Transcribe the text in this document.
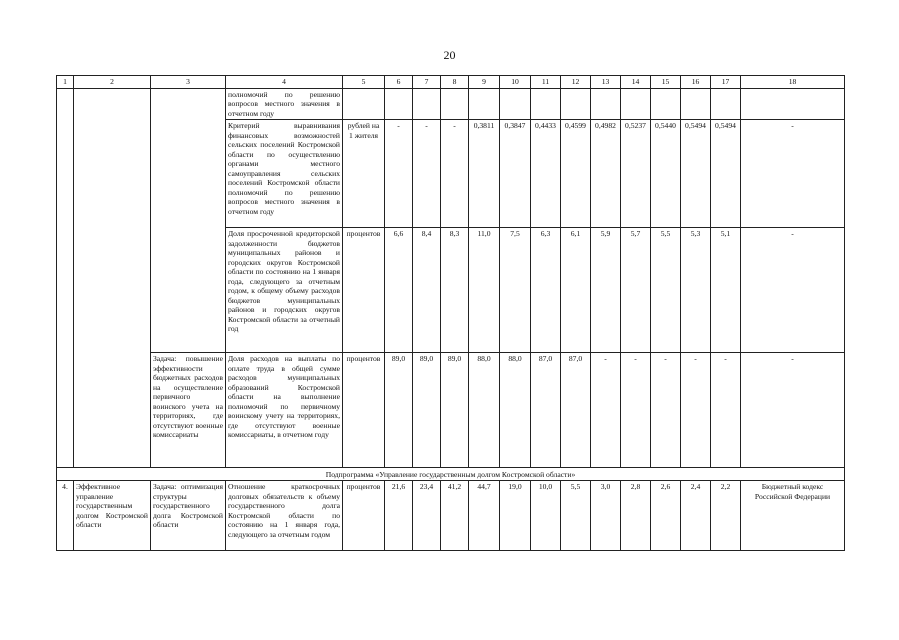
20
1	2	3	4	5	6	7	8	9	10	11	12	13	14	15	16	17	18
			полномочий по решению вопросов местного значения в отчетном году														
			Критерий выравнивания финансовых возможностей сельских поселений Костромской области по осуществлению органами местного самоуправления сельских поселений Костромской области полномочий по решению вопросов местного значения в отчетном году	рублей на 1 жителя	-	-	-	0,3811	0,3847	0,4433	0,4599	0,4982	0,5237	0,5440	0,5494	0,5494	-
			Доля просроченной кредиторской задолженности бюджетов муниципальных районов и городских округов Костромской области по состоянию на 1 января года, следующего за отчетным годом, к общему объему расходов бюджетов муниципальных районов и городских округов Костромской области за отчетный год	процентов	6,6	8,4	8,3	11,0	7,5	6,3	6,1	5,9	5,7	5,5	5,3	5,1	-
		Задача: повышение эффективности бюджетных расходов на осуществление первичного воинского учета на территориях, где отсутствуют военные комиссариаты	Доля расходов на выплаты по оплате труда в общей сумме расходов муниципальных образований Костромской области на выполнение полномочий по первичному воинскому учету на территориях, где отсутствуют военные комиссариаты, в отчетном году	процентов	89,0	89,0	89,0	88,0	88,0	87,0	87,0	-	-	-	-	-	-
Подпрограмма «Управление государственным долгом Костромской области»																	
4.	Эффективное управление государственным долгом Костромской области	Задача: оптимизация структуры государственного долга Костромской области	Отношение краткосрочных долговых обязательств к объему государственного долга Костромской области по состоянию на 1 января года, следующего за отчетным годом	процентов	21,6	23,4	41,2	44,7	19,0	10,0	5,5	3,0	2,8	2,6	2,4	2,2	Бюджетный кодекс Российской Федерации
